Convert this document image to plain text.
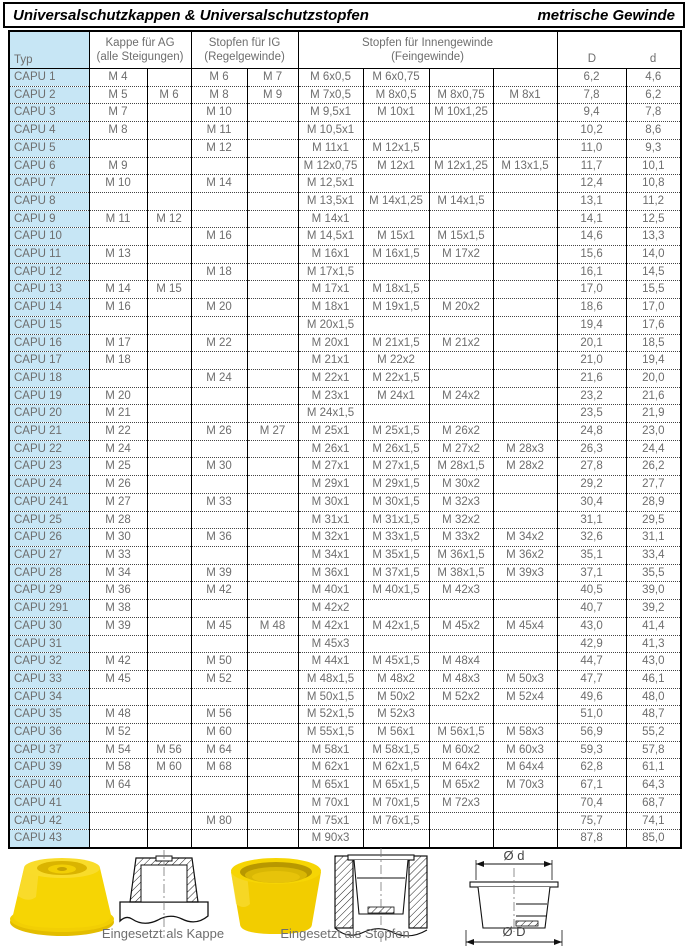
Universalschutzkappen & Universalschutzstopfen	metrische Gewinde
Typ	
Kappe für AG
(alle Steigungen)

Stopfen für IG
(Regelgewinde)

Stopfen für Innengewinde
(Feingewinde)	D	d

CAPU 1	M 4		M 6	M 7	M 6x0,5	M 6x0,75			6,2	4,6
CAPU 2	M 5	M 6	M 8	M 9	M 7x0,5	M 8x0,5	M 8x0,75	M 8x1	7,8	6,2
CAPU 3	M 7		M 10		M 9,5x1	M 10x1	M 10x1,25		9,4	7,8
CAPU 4	M 8		M 11		M 10,5x1				10,2	8,6
CAPU 5			M 12		M 11x1	M 12x1,5			11,0	9,3
CAPU 6	M 9				M 12x0,75	M 12x1	M 12x1,25	M 13x1,5	11,7	10,1
CAPU 7	M 10		M 14		M 12,5x1				12,4	10,8
CAPU 8					M 13,5x1	M 14x1,25	M 14x1,5		13,1	11,2
CAPU 9	M 11	M 12			M 14x1				14,1	12,5
CAPU 10			M 16		M 14,5x1	M 15x1	M 15x1,5		14,6	13,3
CAPU 11	M 13				M 16x1	M 16x1,5	M 17x2		15,6	14,0
CAPU 12			M 18		M 17x1,5				16,1	14,5
CAPU 13	M 14	M 15			M 17x1	M 18x1,5			17,0	15,5
CAPU 14	M 16		M 20		M 18x1	M 19x1,5	M 20x2		18,6	17,0
CAPU 15					M 20x1,5				19,4	17,6
CAPU 16	M 17		M 22		M 20x1	M 21x1,5	M 21x2		20,1	18,5
CAPU 17	M 18				M 21x1	M 22x2			21,0	19,4
CAPU 18			M 24		M 22x1	M 22x1,5			21,6	20,0
CAPU 19	M 20				M 23x1	M 24x1	M 24x2		23,2	21,6
CAPU 20	M 21				M 24x1,5				23,5	21,9
CAPU 21	M 22		M 26	M 27	M 25x1	M 25x1,5	M 26x2		24,8	23,0
CAPU 22	M 24				M 26x1	M 26x1,5	M 27x2	M 28x3	26,3	24,4
CAPU 23	M 25		M 30		M 27x1	M 27x1,5	M 28x1,5	M 28x2	27,8	26,2
CAPU 24	M 26				M 29x1	M 29x1,5	M 30x2		29,2	27,7
CAPU 241	M 27		M 33		M 30x1	M 30x1,5	M 32x3		30,4	28,9
CAPU 25	M 28				M 31x1	M 31x1,5	M 32x2		31,1	29,5
CAPU 26	M 30		M 36		M 32x1	M 33x1,5	M 33x2	M 34x2	32,6	31,1
CAPU 27	M 33				M 34x1	M 35x1,5	M 36x1,5	M 36x2	35,1	33,4
CAPU 28	M 34		M 39		M 36x1	M 37x1,5	M 38x1,5	M 39x3	37,1	35,5
CAPU 29	M 36		M 42		M 40x1	M 40x1,5	M 42x3		40,5	39,0
CAPU 291	M 38				M 42x2				40,7	39,2
CAPU 30	M 39		M 45	M 48	M 42x1	M 42x1,5	M 45x2	M 45x4	43,0	41,4
CAPU 31					M 45x3				42,9	41,3
CAPU 32	M 42		M 50		M 44x1	M 45x1,5	M 48x4		44,7	43,0
CAPU 33	M 45		M 52		M 48x1,5	M 48x2	M 48x3	M 50x3	47,7	46,1
CAPU 34					M 50x1,5	M 50x2	M 52x2	M 52x4	49,6	48,0
CAPU 35	M 48		M 56		M 52x1,5	M 52x3			51,0	48,7
CAPU 36	M 52		M 60		M 55x1,5	M 56x1	M 56x1,5	M 58x3	56,9	55,2
CAPU 37	M 54	M 56	M 64		M 58x1	M 58x1,5	M 60x2	M 60x3	59,3	57,8
CAPU 39	M 58	M 60	M 68		M 62x1	M 62x1,5	M 64x2	M 64x4	62,8	61,1
CAPU 40	M 64				M 65x1	M 65x1,5	M 65x2	M 70x3	67,1	64,3
CAPU 41					M 70x1	M 70x1,5	M 72x3		70,4	68,7
CAPU 42			M 80		M 75x1	M 76x1,5			75,7	74,1
CAPU 43					M 90x3				87,8	85,0
Ø d
Ø D
Eingesetzt als Kappe	Eingesetzt als Stopfen
